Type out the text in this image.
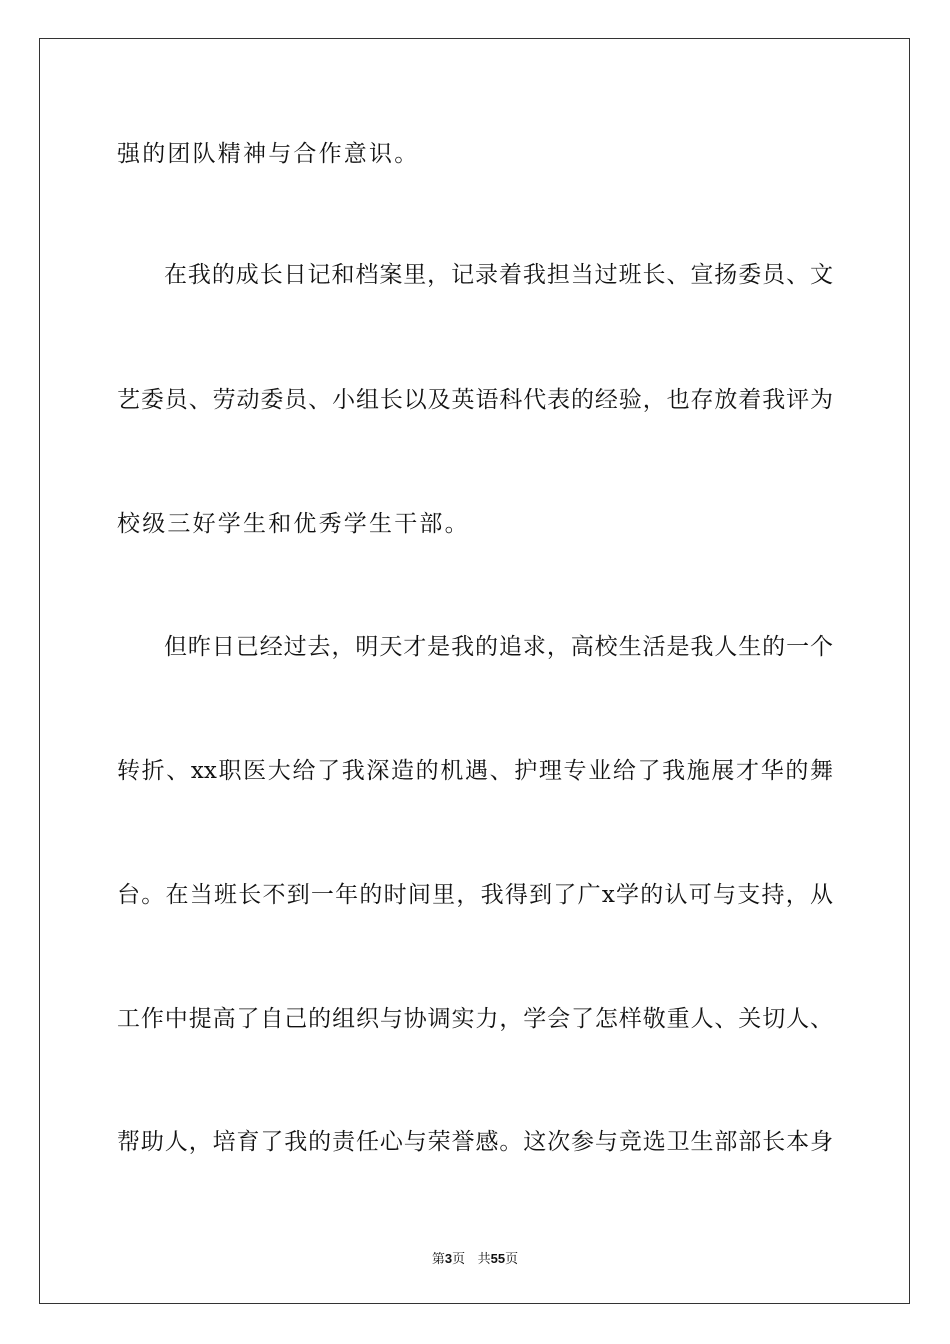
强的团队精神与合作意识。
在我的成长日记和档案里，记录着我担当过班长、宣扬委员、文
艺委员、劳动委员、小组长以及英语科代表的经验，也存放着我评为
校级三好学生和优秀学生干部。
但昨日已经过去，明天才是我的追求，高校生活是我人生的一个
转折、xx职医大给了我深造的机遇、护理专业给了我施展才华的舞
台。在当班长不到一年的时间里，我得到了广x学的认可与支持，从
工作中提高了自己的组织与协调实力，学会了怎样敬重人、关切人、
帮助人，培育了我的责任心与荣誉感。这次参与竞选卫生部部长本身
第3页 共55页
